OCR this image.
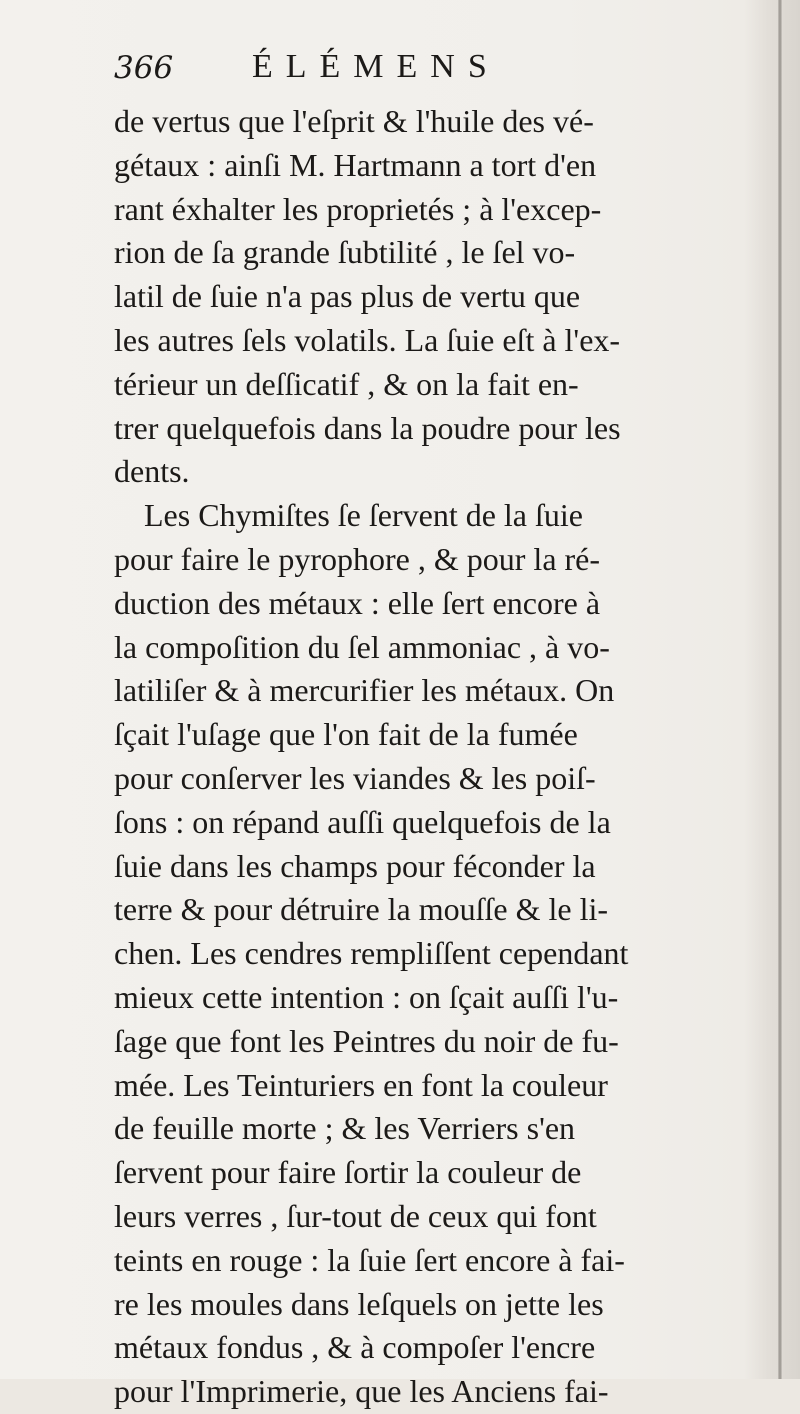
366 ÉLÉMENS
de vertus que l'eſprit & l'huile des vé-
gétaux : ainſi M. Hartmann a tort d'en
rant éxhalter les proprietés ; à l'excep-
rion de ſa grande ſubtilité , le ſel vo-
latil de ſuie n'a pas plus de vertu que
les autres ſels volatils. La ſuie eſt à l'ex-
térieur un deſſicatif , & on la fait en-
trer quelquefois dans la poudre pour les
dents.
Les Chymiſtes ſe ſervent de la ſuie
pour faire le pyrophore , & pour la ré-
duction des métaux : elle ſert encore à
la compoſition du ſel ammoniac , à vo-
latiliſer & à mercurifier les métaux. On
ſçait l'uſage que l'on fait de la fumée
pour conſerver les viandes & les poiſ-
ſons : on répand auſſi quelquefois de la
ſuie dans les champs pour féconder la
terre & pour détruire la mouſſe & le li-
chen. Les cendres rempliſſent cependant
mieux cette intention : on ſçait auſſi l'u-
ſage que font les Peintres du noir de fu-
mée. Les Teinturiers en font la couleur
de feuille morte ; & les Verriers s'en
ſervent pour faire ſortir la couleur de
leurs verres , ſur-tout de ceux qui font
teints en rouge : la ſuie ſert encore à fai-
re les moules dans leſquels on jette les
métaux fondus , & à compoſer l'encre
pour l'Imprimerie, que les Anciens fai-
